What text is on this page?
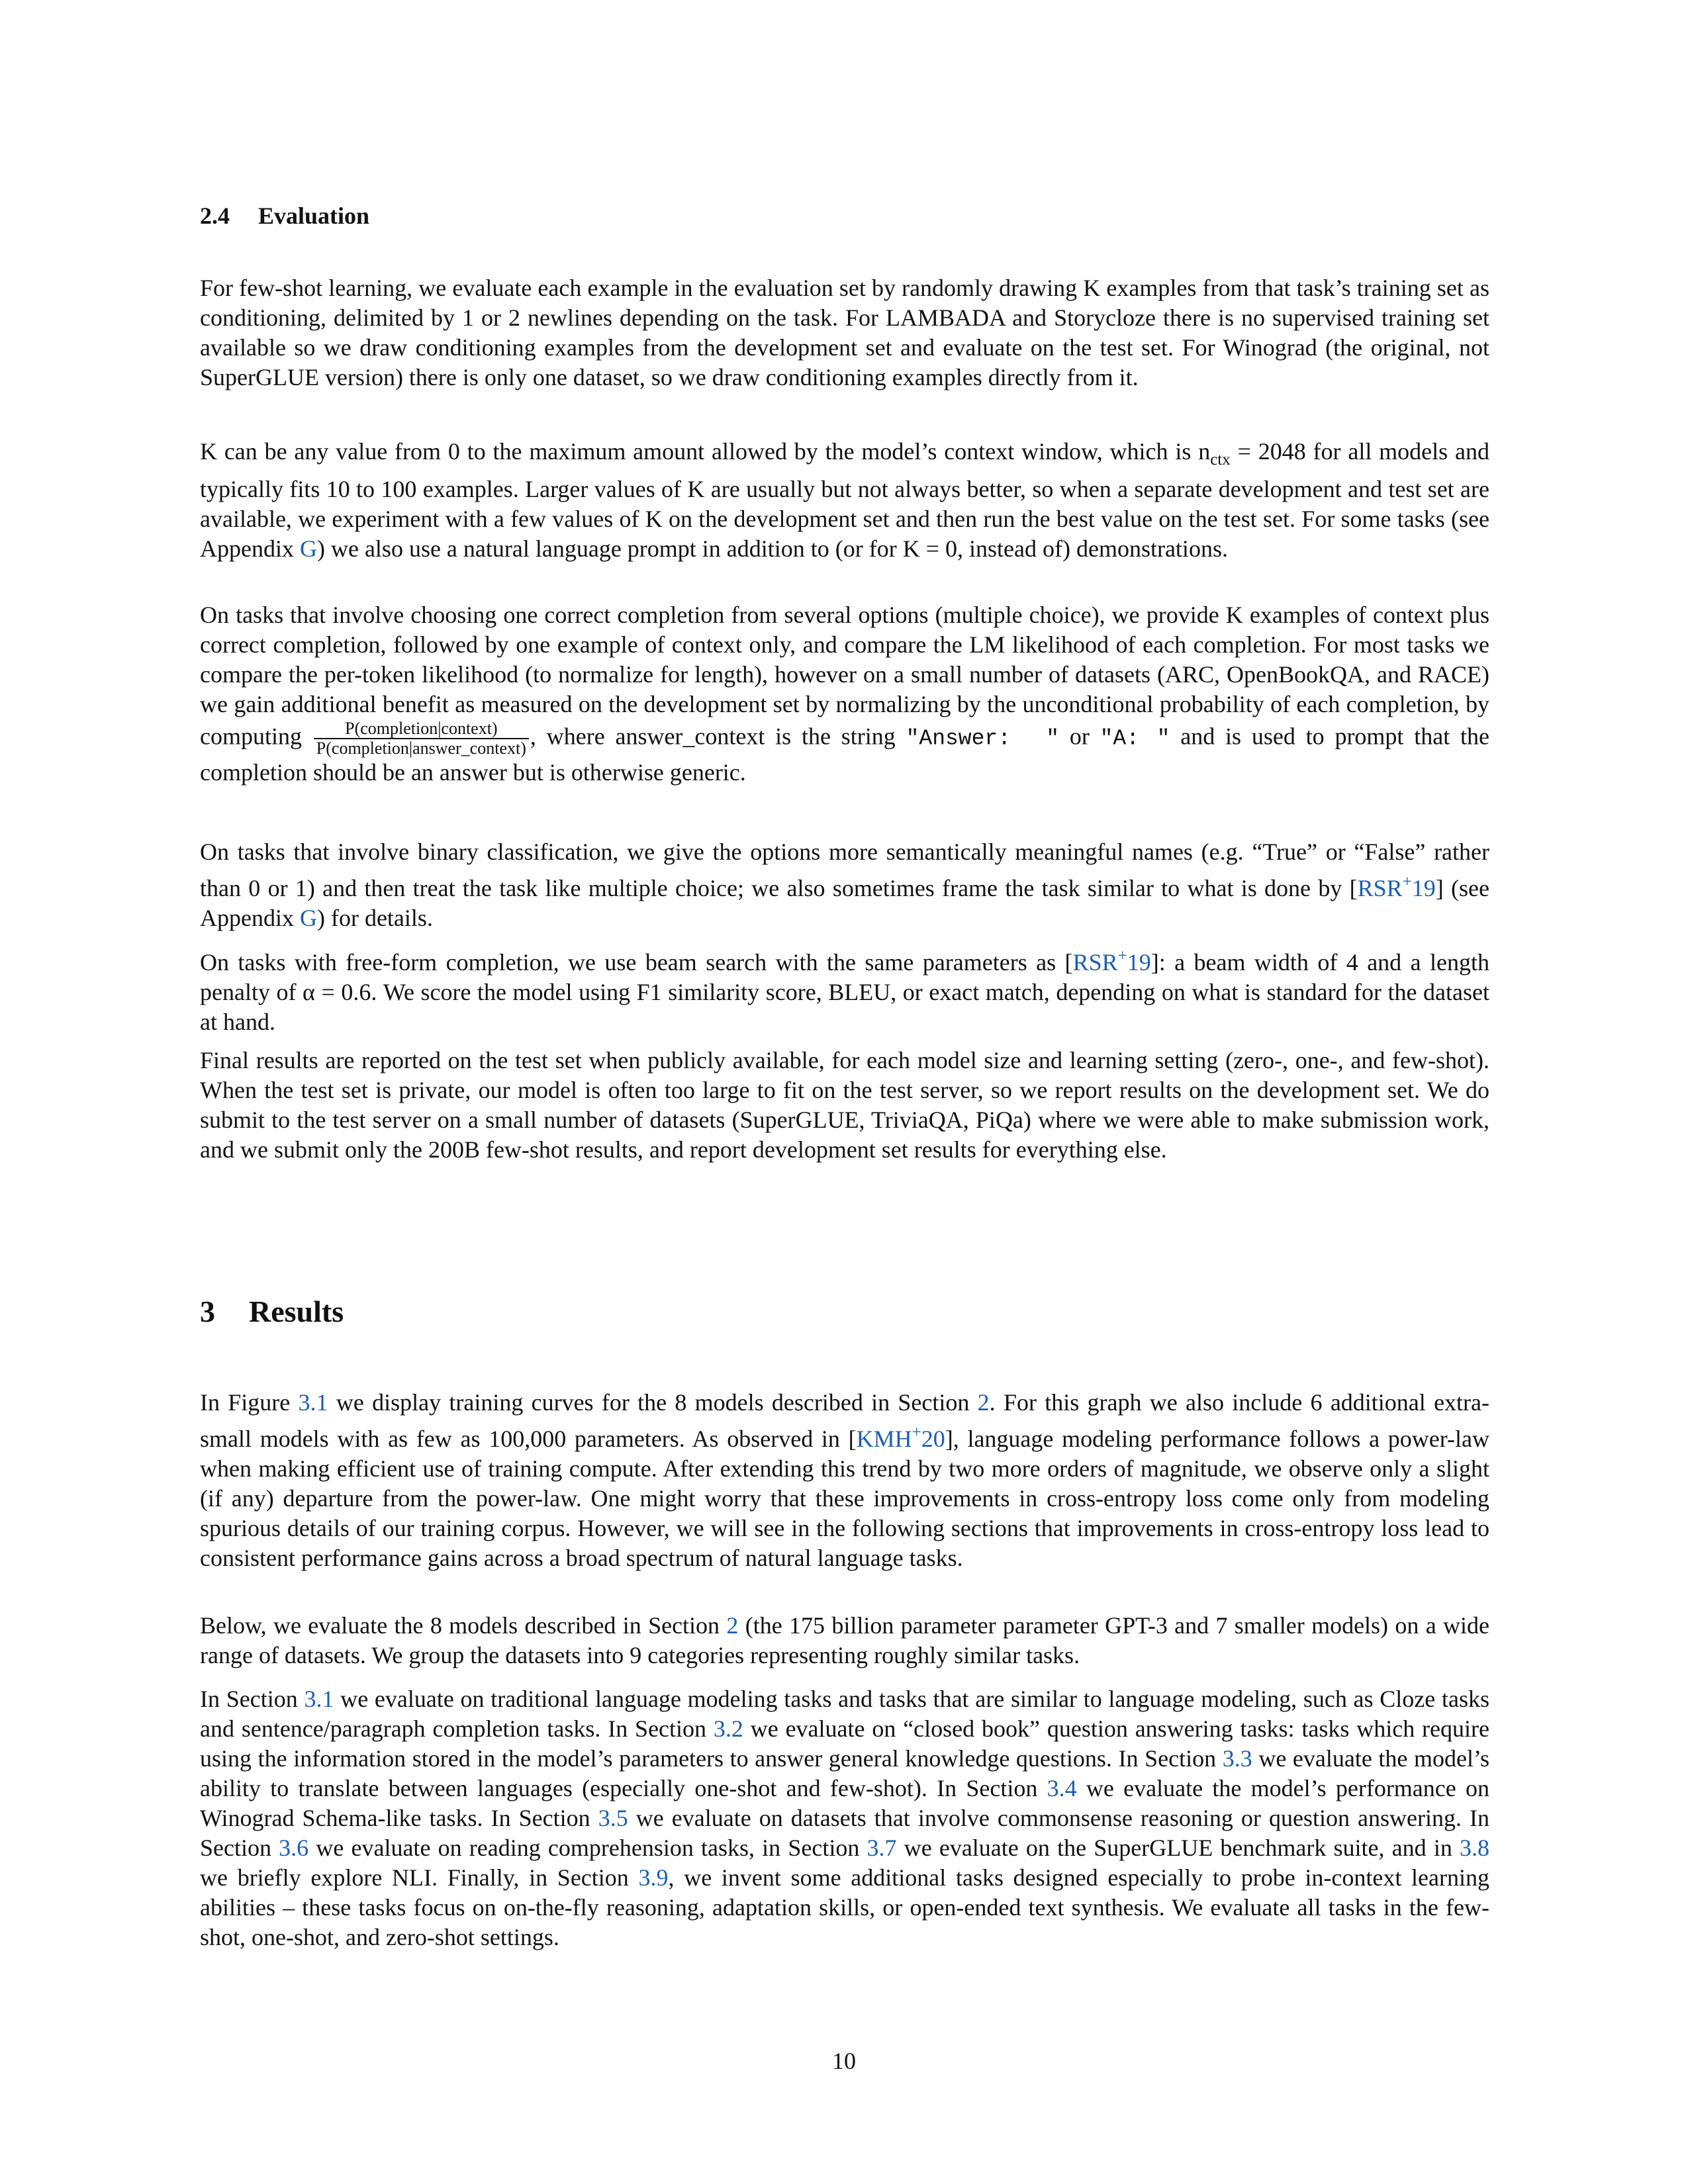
2.4 Evaluation

For few-shot learning, we evaluate each example in the evaluation set by randomly drawing K examples from that task’s training set as conditioning, delimited by 1 or 2 newlines depending on the task. For LAMBADA and Storycloze there is no supervised training set available so we draw conditioning examples from the development set and evaluate on the test set. For Winograd (the original, not SuperGLUE version) there is only one dataset, so we draw conditioning examples directly from it.

K can be any value from 0 to the maximum amount allowed by the model’s context window, which is $n_{ctx} = 2048$ for all models and typically fits 10 to 100 examples. Larger values of K are usually but not always better, so when a separate development and test set are available, we experiment with a few values of K on the development set and then run the best value on the test set. For some tasks (see Appendix G) we also use a natural language prompt in addition to (or for K = 0, instead of) demonstrations.

On tasks that involve choosing one correct completion from several options (multiple choice), we provide K examples of context plus correct completion, followed by one example of context only, and compare the LM likelihood of each completion. For most tasks we compare the per-token likelihood (to normalize for length), however on a small number of datasets (ARC, OpenBookQA, and RACE) we gain additional benefit as measured on the development set by normalizing by the unconditional probability of each completion, by computing $\frac{\text{P(completion|context)}}{\text{P(completion|answer\_context)}}$ , where answer_context is the string "Answer:  " or "A: " and is used to prompt that the completion should be an answer but is otherwise generic.

On tasks that involve binary classification, we give the options more semantically meaningful names (e.g. “True” or “False” rather than 0 or 1) and then treat the task like multiple choice; we also sometimes frame the task similar to what is done by [RSR+19] (see Appendix G) for details.

On tasks with free-form completion, we use beam search with the same parameters as [RSR+19]: a beam width of 4 and a length penalty of α = 0.6. We score the model using F1 similarity score, BLEU, or exact match, depending on what is standard for the dataset at hand.

Final results are reported on the test set when publicly available, for each model size and learning setting (zero-, one-, and few-shot). When the test set is private, our model is often too large to fit on the test server, so we report results on the development set. We do submit to the test server on a small number of datasets (SuperGLUE, TriviaQA, PiQa) where we were able to make submission work, and we submit only the 200B few-shot results, and report development set results for everything else.

3 Results

In Figure 3.1 we display training curves for the 8 models described in Section 2. For this graph we also include 6 additional extra-small models with as few as 100,000 parameters. As observed in [KMH+20], language modeling performance follows a power-law when making efficient use of training compute. After extending this trend by two more orders of magnitude, we observe only a slight (if any) departure from the power-law. One might worry that these improvements in cross-entropy loss come only from modeling spurious details of our training corpus. However, we will see in the following sections that improvements in cross-entropy loss lead to consistent performance gains across a broad spectrum of natural language tasks.

Below, we evaluate the 8 models described in Section 2 (the 175 billion parameter parameter GPT-3 and 7 smaller models) on a wide range of datasets. We group the datasets into 9 categories representing roughly similar tasks.

In Section 3.1 we evaluate on traditional language modeling tasks and tasks that are similar to language modeling, such as Cloze tasks and sentence/paragraph completion tasks. In Section 3.2 we evaluate on “closed book” question answering tasks: tasks which require using the information stored in the model’s parameters to answer general knowledge questions. In Section 3.3 we evaluate the model’s ability to translate between languages (especially one-shot and few-shot). In Section 3.4 we evaluate the model’s performance on Winograd Schema-like tasks. In Section 3.5 we evaluate on datasets that involve commonsense reasoning or question answering. In Section 3.6 we evaluate on reading comprehension tasks, in Section 3.7 we evaluate on the SuperGLUE benchmark suite, and in 3.8 we briefly explore NLI. Finally, in Section 3.9, we invent some additional tasks designed especially to probe in-context learning abilities – these tasks focus on on-the-fly reasoning, adaptation skills, or open-ended text synthesis. We evaluate all tasks in the few-shot, one-shot, and zero-shot settings.

10
